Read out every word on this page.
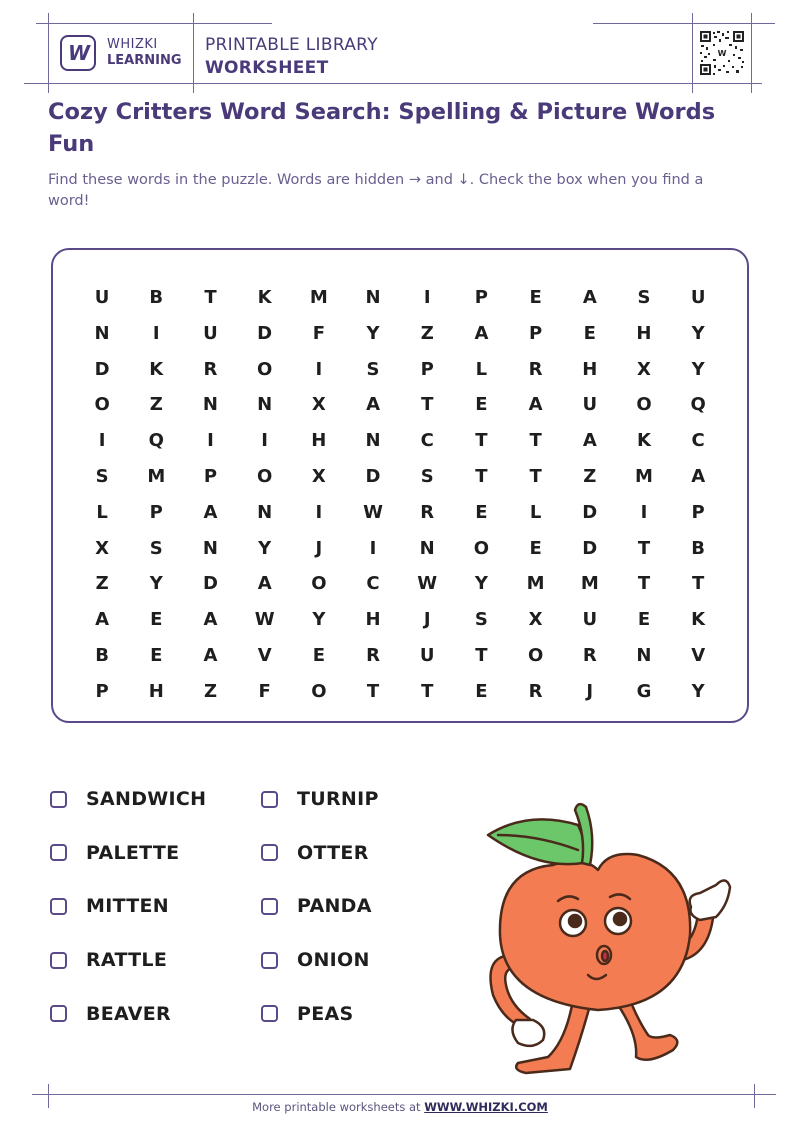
W WHIZKI
LEARNING
PRINTABLE LIBRARY
WORKSHEET
W
Cozy Critters Word Search: Spelling & Picture Words Fun
Find these words in the puzzle. Words are hidden → and ↓. Check the box when you find a word!
U	B	T	K	M	N	I	P	E	A	S	U
N	I	U	D	F	Y	Z	A	P	E	H	Y
D	K	R	O	I	S	P	L	R	H	X	Y
O	Z	N	N	X	A	T	E	A	U	O	Q
I	Q	I	I	H	N	C	T	T	A	K	C
S	M	P	O	X	D	S	T	T	Z	M	A
L	P	A	N	I	W	R	E	L	D	I	P
X	S	N	Y	J	I	N	O	E	D	T	B
Z	Y	D	A	O	C	W	Y	M	M	T	T
A	E	A	W	Y	H	J	S	X	U	E	K
B	E	A	V	E	R	U	T	O	R	N	V
P	H	Z	F	O	T	T	E	R	J	G	Y
SANDWICH
PALETTE
MITTEN
RATTLE
BEAVER
TURNIP
OTTER
PANDA
ONION
PEAS
More printable worksheets at WWW.WHIZKI.COM
